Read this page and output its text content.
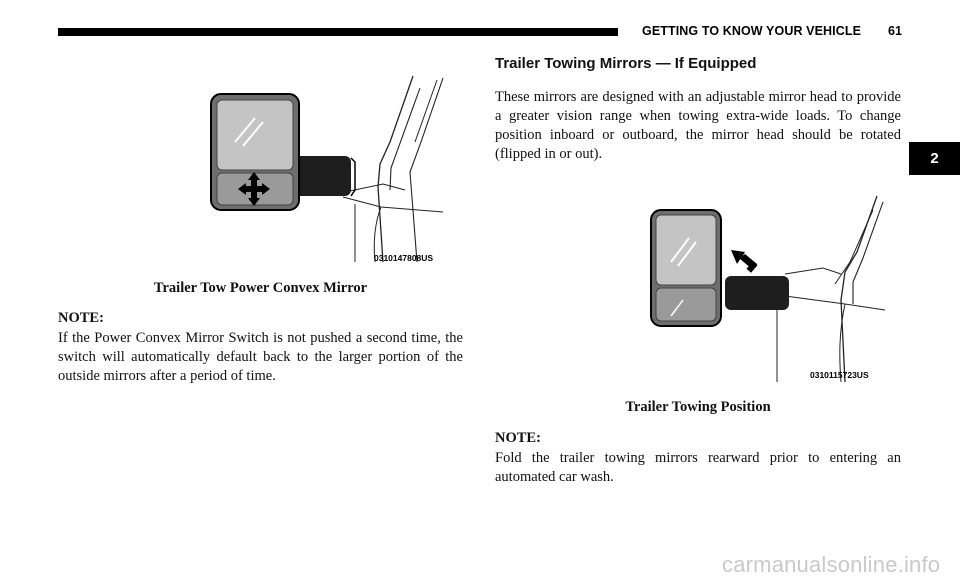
GETTING TO KNOW YOUR VEHICLE 61
2
0310147808US
Trailer Tow Power Convex Mirror
NOTE:
If the Power Convex Mirror Switch is not pushed a second time, the switch will automatically default back to the larger portion of the outside mirrors after a period of time.
Trailer Towing Mirrors — If Equipped
These mirrors are designed with an adjustable mirror head to provide a greater vision range when towing extra-wide loads. To change position inboard or outboard, the mirror head should be rotated (flipped in or out).
0310115723US
Trailer Towing Position
NOTE:
Fold the trailer towing mirrors rearward prior to entering an automated car wash.
carmanualsonline.info
